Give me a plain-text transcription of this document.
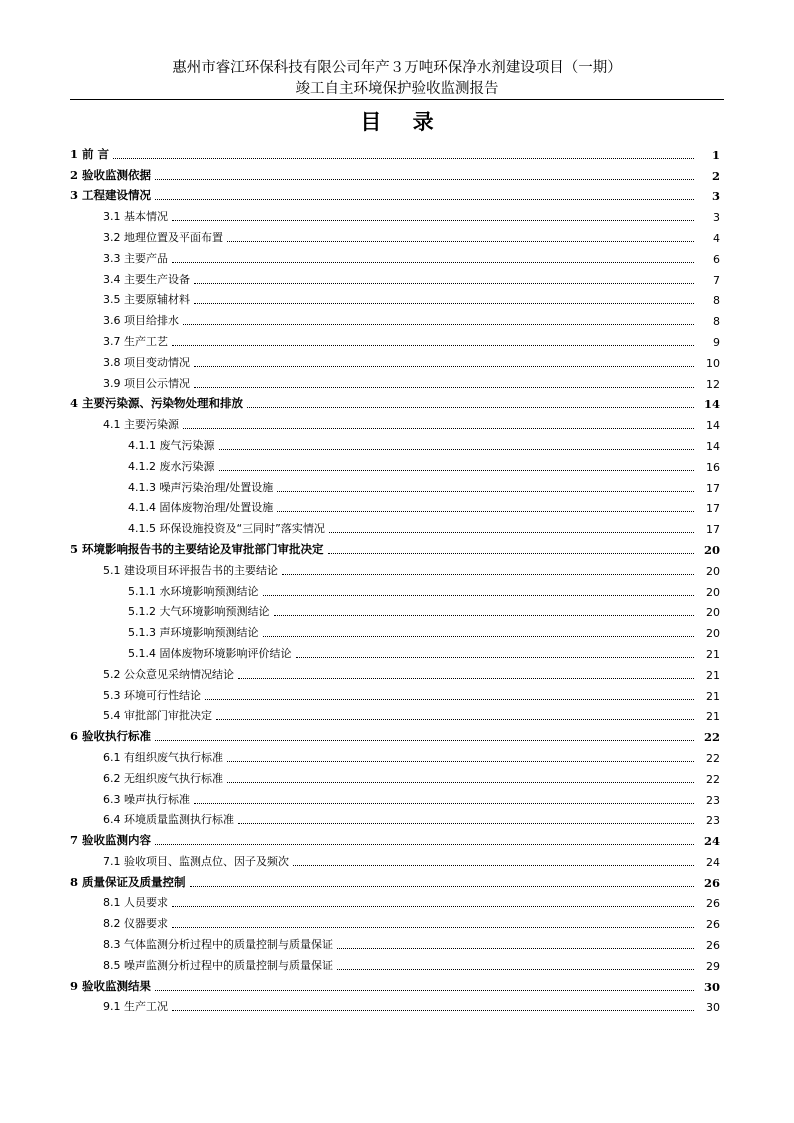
惠州市睿江环保科技有限公司年产３万吨环保净水剂建设项目（一期）
竣工自主环境保护验收监测报告
目 录
1 前 言	1
2 验收监测依据	2
3 工程建设情况	3
3.1 基本情况	3
3.2 地理位置及平面布置	4
3.3 主要产品	6
3.4 主要生产设备	7
3.5 主要原辅材料	8
3.6 项目给排水	8
3.7 生产工艺	9
3.8 项目变动情况	10
3.9 项目公示情况	12
4 主要污染源、污染物处理和排放	14
4.1 主要污染源	14
4.1.1 废气污染源	14
4.1.2 废水污染源	16
4.1.3 噪声污染治理/处置设施	17
4.1.4 固体废物治理/处置设施	17
4.1.5 环保设施投资及“三同时”落实情况	17
5 环境影响报告书的主要结论及审批部门审批决定	20
5.1 建设项目环评报告书的主要结论	20
5.1.1 水环境影响预测结论	20
5.1.2 大气环境影响预测结论	20
5.1.3 声环境影响预测结论	20
5.1.4 固体废物环境影响评价结论	21
5.2 公众意见采纳情况结论	21
5.3 环境可行性结论	21
5.4 审批部门审批决定	21
6 验收执行标准	22
6.1 有组织废气执行标准	22
6.2 无组织废气执行标准	22
6.3 噪声执行标准	23
6.4 环境质量监测执行标准	23
7 验收监测内容	24
7.1 验收项目、监测点位、因子及频次	24
8 质量保证及质量控制	26
8.1 人员要求	26
8.2 仪器要求	26
8.3 气体监测分析过程中的质量控制与质量保证	26
8.5 噪声监测分析过程中的质量控制与质量保证	29
9 验收监测结果	30
9.1 生产工况	30
